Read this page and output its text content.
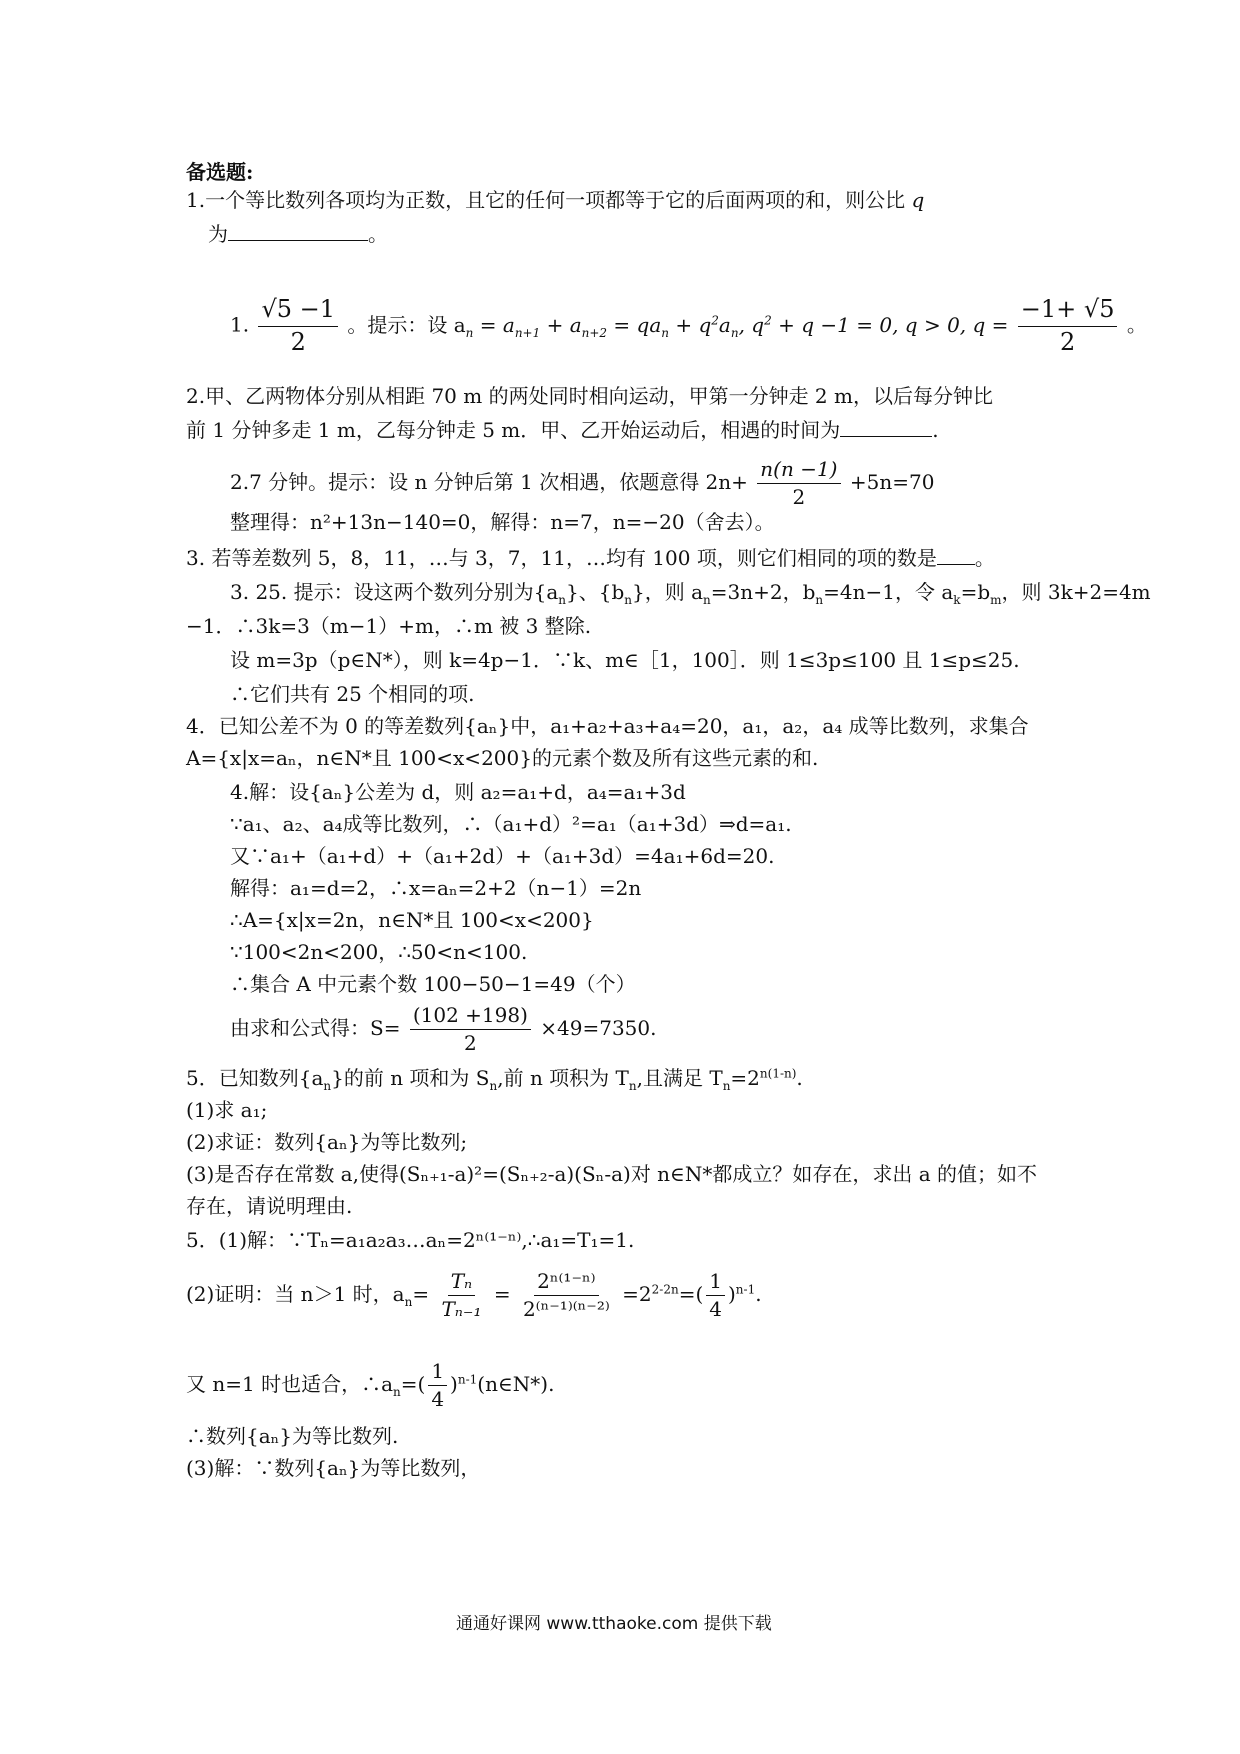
备选题:
1.一个等比数列各项均为正数，且它的任何一项都等于它的后面两项的和，则公比 q
为	。
1. $\frac{√5 -1}{2}$ 。提示：设 $a_n = a_{n+1} + a_{n+2} = qa_n + q^2a_n$, $q^2 + q -1 = 0$, q > 0, $q = \frac{-1+ √5}{2}$ 。
2.甲、乙两物体分别从相距 70 m 的两处同时相向运动，甲第一分钟走 2 m，以后每分钟比
前 1 分钟多走 1 m，乙每分钟走 5 m．甲、乙开始运动后，相遇的时间为	.
2.7 分钟。提示：设 n 分钟后第 1 次相遇，依题意得 $2n+ \frac{n(n -1)}{2} +5n=70$
整理得：n²+13n−140=0，解得：n=7，n=−20（舍去）。
3. 若等差数列 5，8，11，…与 3，7，11，…均有 100 项，则它们相同的项的数是 。
3. 25. 提示：设这两个数列分别为$\{a_n\}$、$\{b_n\}$，则 $a_n=3n+2$，$b_n=4n-1$，令 $a_k=b_m$，则 3k+2=4m
−1．∴3k=3（m−1）+m，∴m 被 3 整除.
设 m=3p（p∈N*），则 k=4p−1．∵k、m∈［1，100］．则 1≤3p≤100 且 1≤p≤25.
∴它们共有 25 个相同的项.
4．已知公差不为 0 的等差数列{aₙ}中，a₁+a₂+a₃+a₄=20，a₁，a₂，a₄ 成等比数列，求集合
A={x|x=aₙ，n∈N*且 100<x<200}的元素个数及所有这些元素的和.
4.解：设{aₙ}公差为 d，则 a₂=a₁+d，a₄=a₁+3d
∵a₁、a₂、a₄成等比数列，∴（a₁+d）²=a₁（a₁+3d）⇒d=a₁.
又∵a₁+（a₁+d）+（a₁+2d）+（a₁+3d）=4a₁+6d=20.
解得：a₁=d=2，∴x=aₙ=2+2（n−1）=2n
∴A={x|x=2n，n∈N*且 100<x<200}
∵100<2n<200，∴50<n<100.
∴集合 A 中元素个数 100−50−1=49（个）
由求和公式得：$S= \frac{(102 +198)}{2} \times 49=7350$.
5．已知数列$\{a_n\}$的前 n 项和为 $S_n$,前 n 项积为 $T_n$,且满足 $T_n=2^{n(1-n)}$.
(1)求 a₁;
(2)求证：数列{aₙ}为等比数列;
(3)是否存在常数 a,使得(Sₙ₊₁-a)²=(Sₙ₊₂-a)(Sₙ-a)对 n∈N*都成立？如存在，求出 a 的值；如不
存在，请说明理由.
5．(1)解：∵Tₙ=a₁a₂a₃…aₙ=2ⁿ⁽¹⁻ⁿ⁾,∴a₁=T₁=1.
(2)证明：当 n＞1 时，$a_n= \frac{\text{Tₙ}}{\text{Tₙ₋₁}} = \frac{\text{2ⁿ⁽¹⁻ⁿ⁾}}{\text{2⁽ⁿ⁻¹⁾⁽ⁿ⁻²⁾}} =2^{2-2n}=( \frac{1}{4} )^{n-1}$.
又 n=1 时也适合，$\therefore a_n=( \frac{1}{4}$ )$^{n-1}$(n∈N*).
∴数列{aₙ}为等比数列.
(3)解：∵数列{aₙ}为等比数列，
通通好课网 www.tthaoke.com 提供下载
